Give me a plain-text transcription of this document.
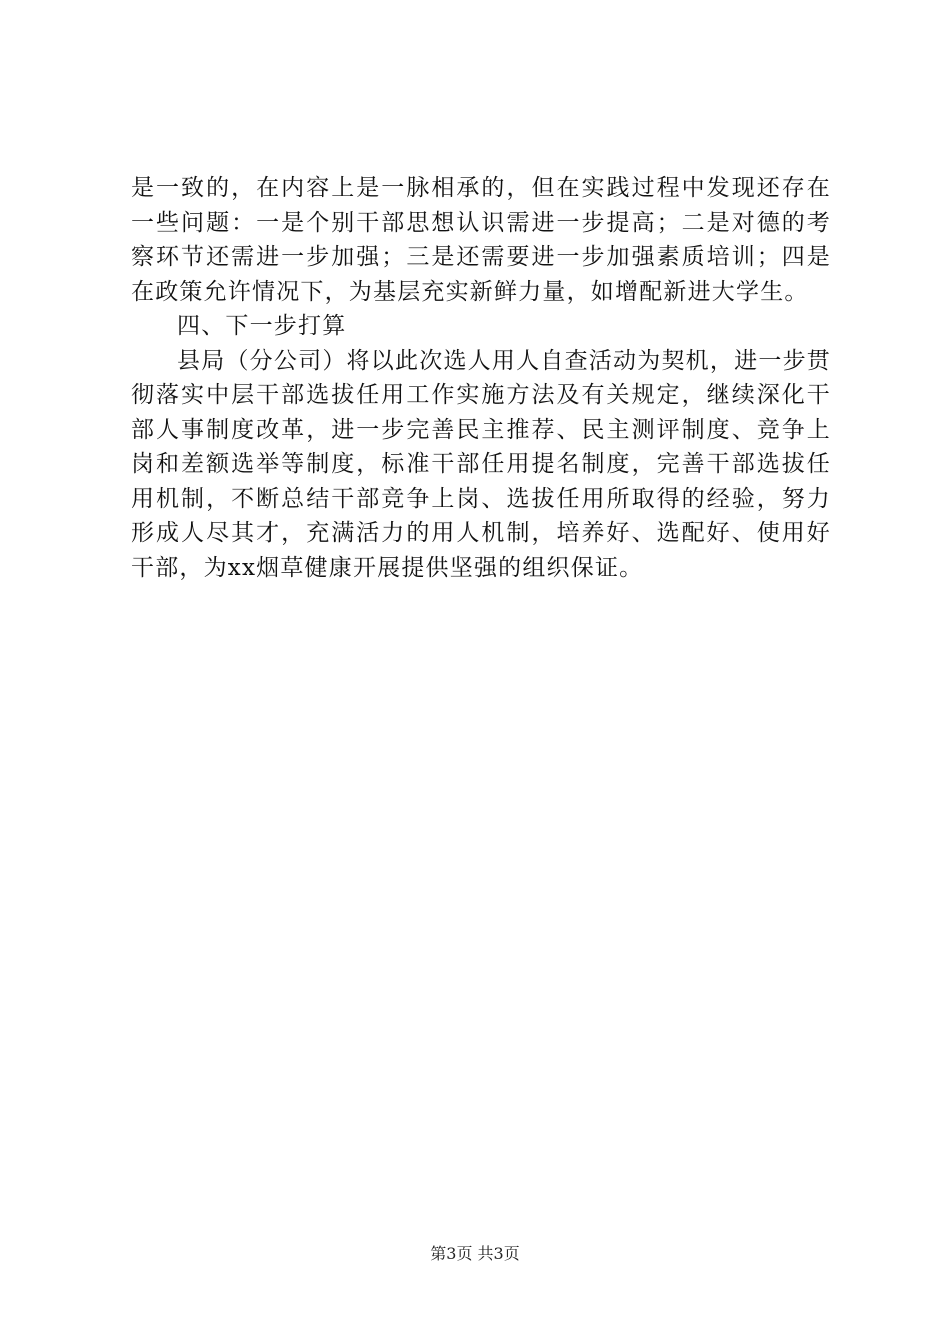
是一致的，在内容上是一脉相承的，但在实践过程中发现还存在一些问题：一是个别干部思想认识需进一步提高；二是对德的考察环节还需进一步加强；三是还需要进一步加强素质培训；四是在政策允许情况下，为基层充实新鲜力量，如增配新进大学生。

四、下一步打算

县局（分公司）将以此次选人用人自查活动为契机，进一步贯彻落实中层干部选拔任用工作实施方法及有关规定，继续深化干部人事制度改革，进一步完善民主推荐、民主测评制度、竞争上岗和差额选举等制度，标准干部任用提名制度，完善干部选拔任用机制，不断总结干部竞争上岗、选拔任用所取得的经验，努力形成人尽其才，充满活力的用人机制，培养好、选配好、使用好干部，为xx烟草健康开展提供坚强的组织保证。

第3页 共3页
